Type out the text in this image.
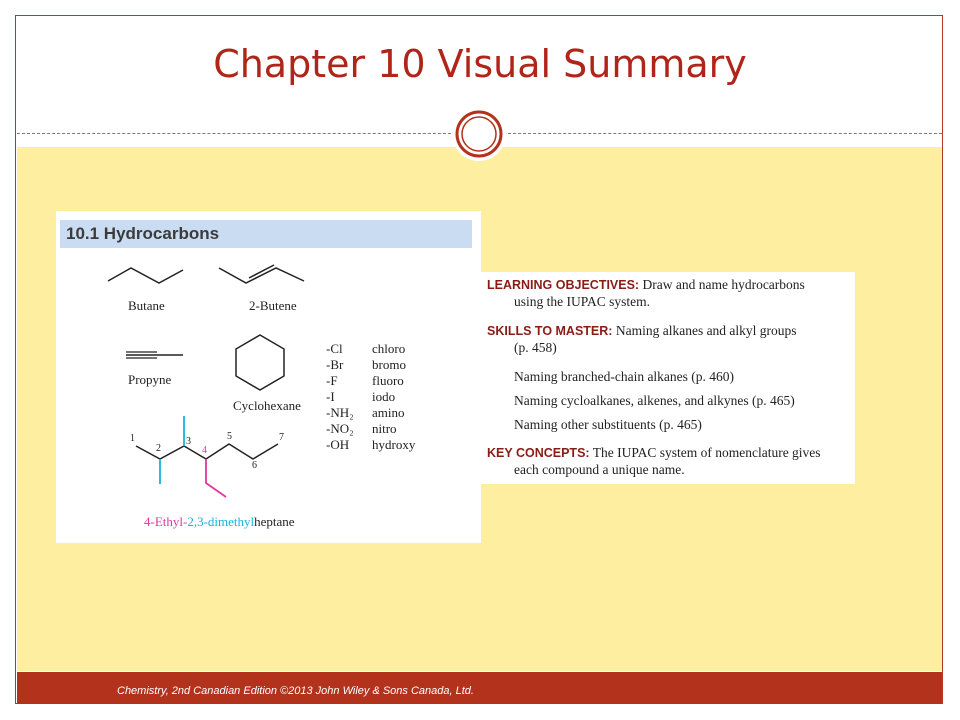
Chapter 10 Visual Summary
10.1 Hydrocarbons
Butane	2-Butene
Propyne
Cyclohexane
-Cl chloro
-Br bromo
-F	fluoro
-I	iodo
-NH₂ amino
-NO₂ nitro
-OH hydroxy
1
2
3
4
5
6
7
4-Ethyl-2,3-dimethylheptane
LEARNING OBJECTIVES: Draw and name hydrocarbons
using the IUPAC system.
SKILLS TO MASTER: Naming alkanes and alkyl groups
(p. 458)
Naming branched-chain alkanes (p. 460)
Naming cycloalkanes, alkenes, and alkynes (p. 465)
Naming other substituents (p. 465)
KEY CONCEPTS: The IUPAC system of nomenclature gives
each compound a unique name.
Chemistry, 2nd Canadian Edition ©2013 John Wiley & Sons Canada, Ltd.
